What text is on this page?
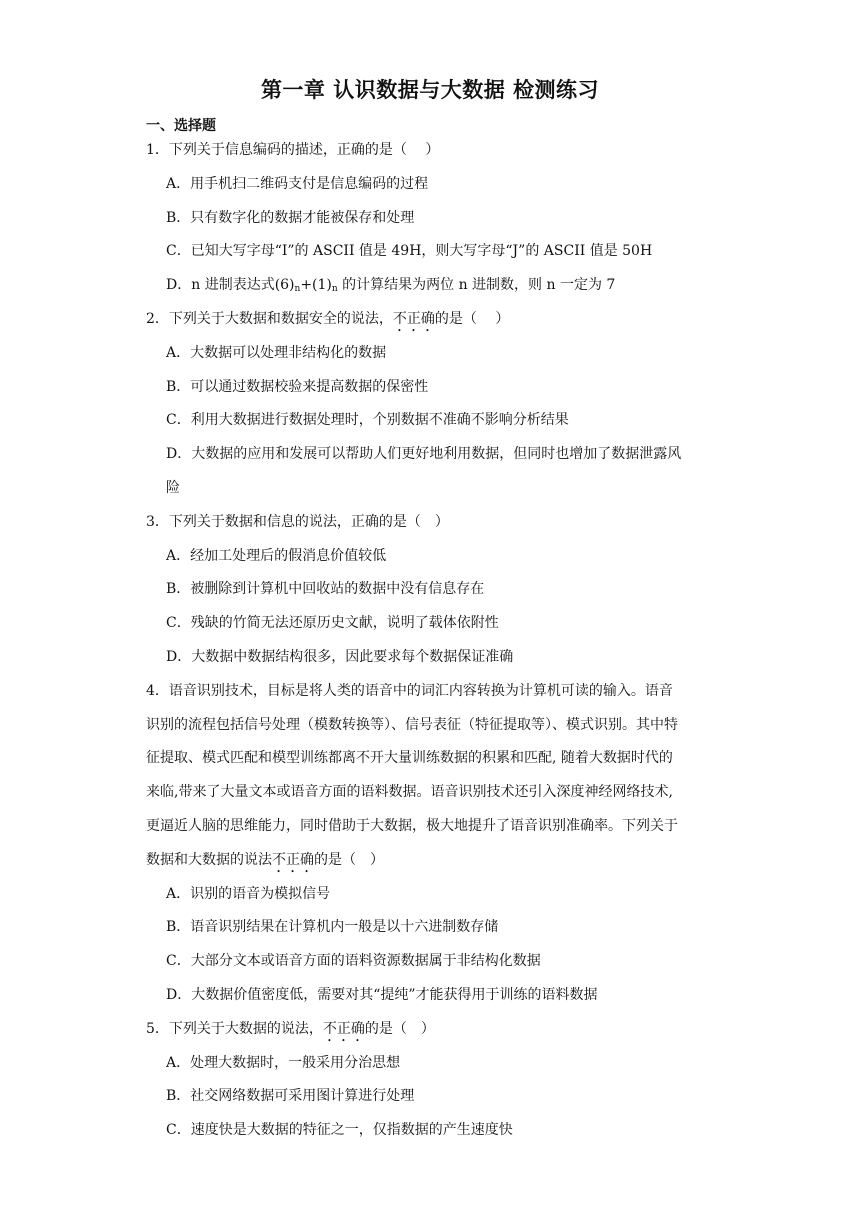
第一章 认识数据与大数据 检测练习
一、选择题
1．下列关于信息编码的描述，正确的是（　 ）
A．用手机扫二维码支付是信息编码的过程
B．只有数字化的数据才能被保存和处理
C．已知大写字母“I”的 ASCII 值是 49H，则大写字母“J”的 ASCII 值是 50H
D．n 进制表达式$(6)_n+(1)_n$ 的计算结果为两位 n 进制数，则 n 一定为 7
2．下列关于大数据和数据安全的说法，不正确的是（　 ）
A．大数据可以处理非结构化的数据
B．可以通过数据校验来提高数据的保密性
C．利用大数据进行数据处理时，个别数据不准确不影响分析结果
D．大数据的应用和发展可以帮助人们更好地利用数据，但同时也增加了数据泄露风
险
3．下列关于数据和信息的说法，正确的是（　）
A．经加工处理后的假消息价值较低
B．被删除到计算机中回收站的数据中没有信息存在
C．残缺的竹简无法还原历史文献，说明了载体依附性
D．大数据中数据结构很多，因此要求每个数据保证准确
4．语音识别技术，目标是将人类的语音中的词汇内容转换为计算机可读的输入。语音
识别的流程包括信号处理（模数转换等）、信号表征（特征提取等）、模式识别。其中特
征提取、模式匹配和模型训练都离不开大量训练数据的积累和匹配, 随着大数据时代的
来临,带来了大量文本或语音方面的语料数据。语音识别技术还引入深度神经网络技术,
更逼近人脑的思维能力，同时借助于大数据，极大地提升了语音识别准确率。下列关于
数据和大数据的说法不正确的是（　）
A．识别的语音为模拟信号
B．语音识别结果在计算机内一般是以十六进制数存储
C．大部分文本或语音方面的语料资源数据属于非结构化数据
D．大数据价值密度低，需要对其“提纯”才能获得用于训练的语料数据
5．下列关于大数据的说法，不正确的是（　）
A．处理大数据时，一般采用分治思想
B．社交网络数据可采用图计算进行处理
C．速度快是大数据的特征之一，仅指数据的产生速度快
